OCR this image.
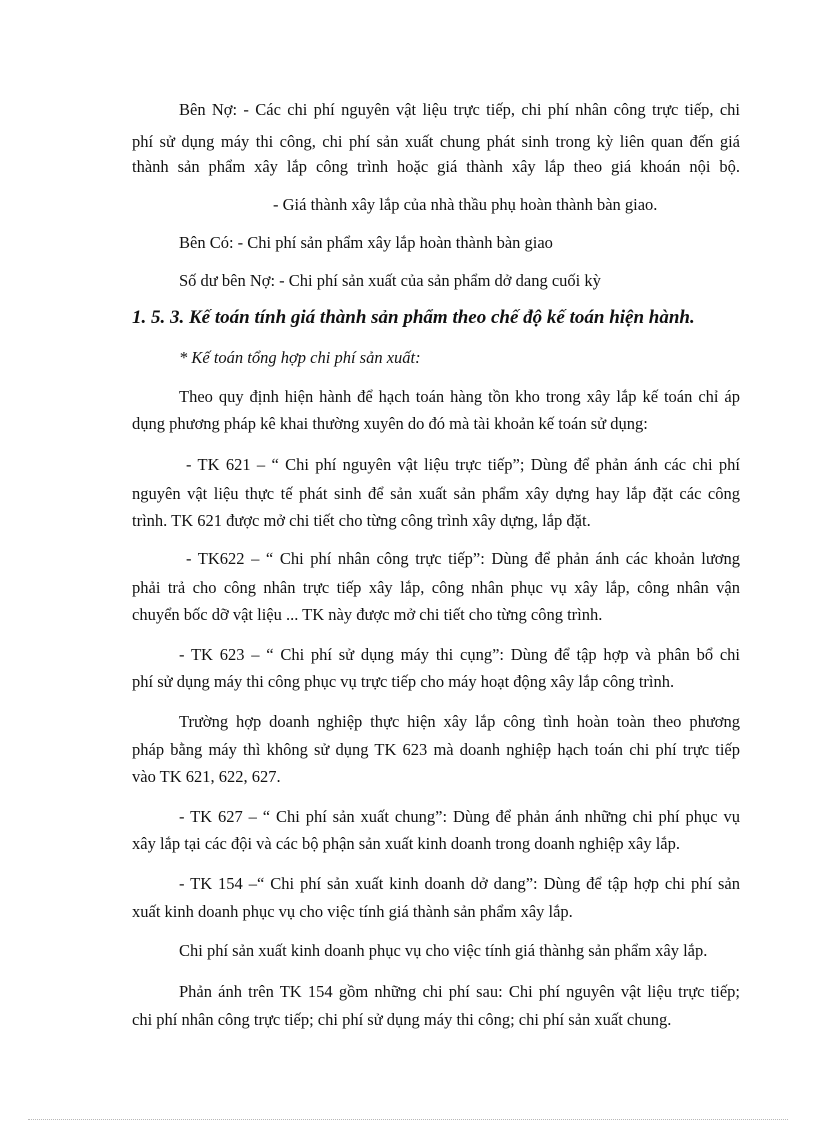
Bên Nợ: - Các chi phí nguyên vật liệu trực tiếp, chi phí nhân công trực tiếp, chi
phí sử dụng máy thi công, chi phí sản xuất chung phát sinh trong kỳ liên quan đến giá
thành sản phẩm xây lắp công trình hoặc giá thành xây lắp theo giá khoán nội bộ.
- Giá thành xây lắp của nhà thầu phụ hoàn thành bàn giao.
Bên Có: - Chi phí sản phẩm xây lắp hoàn thành bàn giao
Số dư bên Nợ: - Chi phí sản xuất của sản phẩm dở dang cuối kỳ
1. 5. 3. Kế toán tính giá thành sản phẩm theo chế độ kế toán hiện hành.
* Kế toán tổng hợp chi phí sản xuất:
Theo quy định hiện hành để hạch toán hàng tồn kho trong xây lắp kế toán chỉ áp
dụng phương pháp kê khai thường xuyên do đó mà tài khoản kế toán sử dụng:
- TK 621 – “ Chi phí nguyên vật liệu trực tiếp”; Dùng để phản ánh các chi phí
nguyên vật liệu thực tế phát sinh để sản xuất sản phẩm xây dựng hay lắp đặt các công
trình. TK 621 được mở chi tiết cho từng công trình xây dựng, lắp đặt.
- TK622 – “ Chi phí nhân công trực tiếp”: Dùng để phản ánh các khoản lương
phải trả cho công nhân trực tiếp xây lắp, công nhân phục vụ xây lắp, công nhân vận
chuyển bốc dỡ vật liệu ... TK này được mở chi tiết cho từng công trình.
- TK 623 – “ Chi phí sử dụng máy thi cụng”: Dùng để tập hợp và phân bổ chi
phí sử dụng máy thi công phục vụ trực tiếp cho máy hoạt động xây lắp công trình.
Trường hợp doanh nghiệp thực hiện xây lắp công tình hoàn toàn theo phương
pháp bằng máy thì không sử dụng TK 623 mà doanh nghiệp hạch toán chi phí trực tiếp
vào TK 621, 622, 627.
- TK 627 – “ Chi phí sản xuất chung”: Dùng để phản ánh những chi phí phục vụ
xây lắp tại các đội và các bộ phận sản xuất kinh doanh trong doanh nghiệp xây lắp.
- TK 154 –“ Chi phí sản xuất kinh doanh dở dang”: Dùng để tập hợp chi phí sản
xuất kinh doanh phục vụ cho việc tính giá thành sản phẩm xây lắp.
Chi phí sản xuất kinh doanh phục vụ cho việc tính giá thànhg sản phẩm xây lắp.
Phản ánh trên TK 154 gồm những chi phí sau: Chi phí nguyên vật liệu trực tiếp;
chi phí nhân công trực tiếp; chi phí sử dụng máy thi công; chi phí sản xuất chung.
